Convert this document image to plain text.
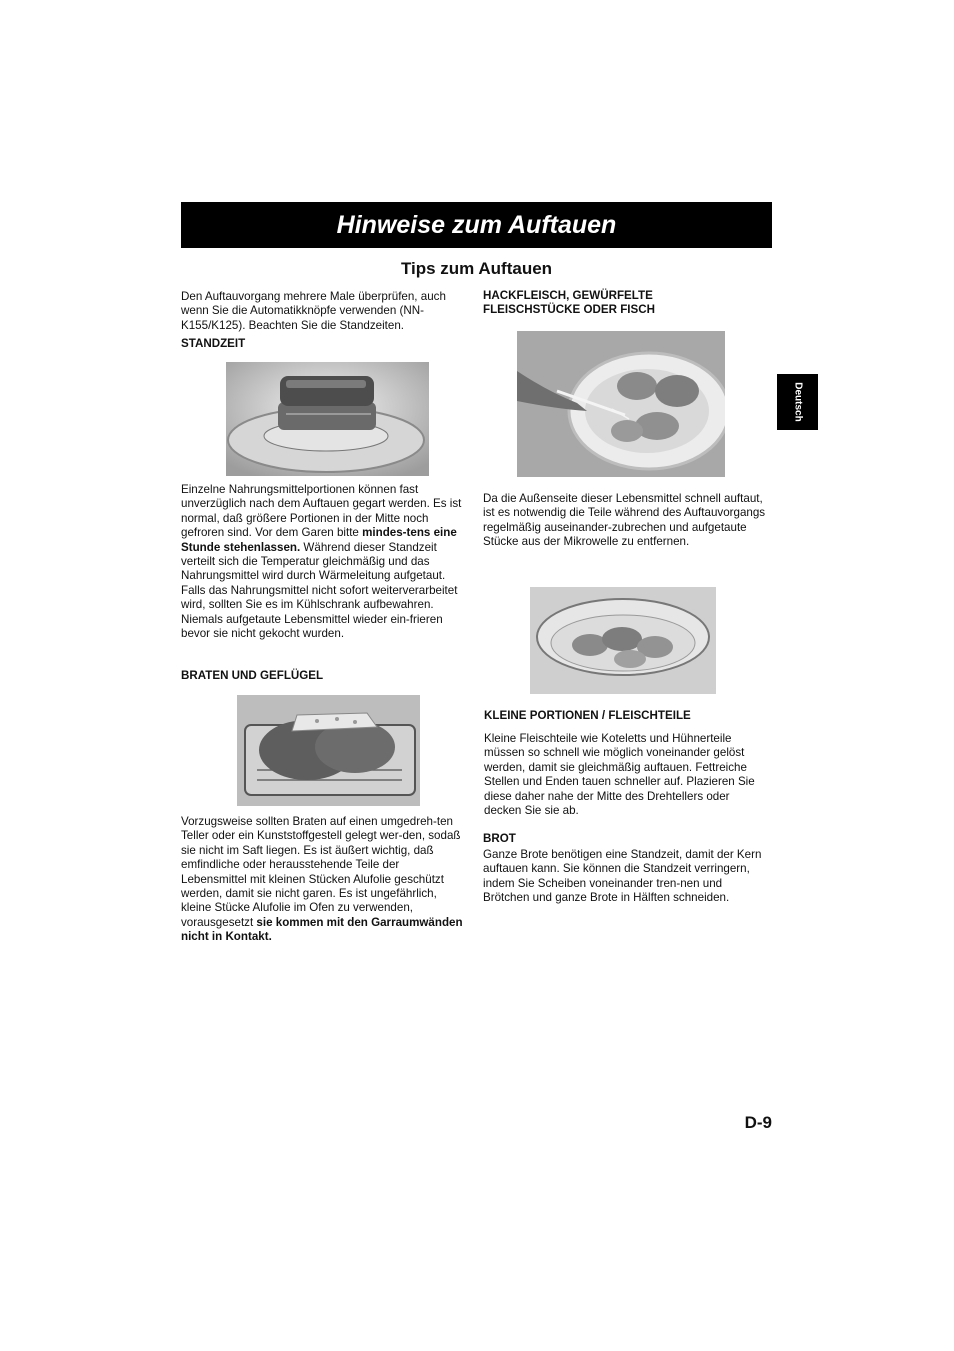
Hinweise zum Auftauen

Tips zum Auftauen

Deutsch

Den Auftauvorgang mehrere Male überprüfen, auch wenn Sie die Automatikknöpfe verwenden (NN-K155/K125). Beachten Sie die Standzeiten.

STANDZEIT

Einzelne Nahrungsmittelportionen können fast unverzüglich nach dem Auftauen gegart werden. Es ist normal, daß größere Portionen in der Mitte noch gefroren sind. Vor dem Garen bitte mindes-tens eine Stunde stehenlassen. Während dieser Standzeit verteilt sich die Temperatur gleichmäßig und das Nahrungsmittel wird durch Wärmeleitung aufgetaut. Falls das Nahrungsmittel nicht sofort weiterverarbeitet wird, sollten Sie es im Kühlschrank aufbewahren. Niemals aufgetaute Lebensmittel wieder ein-frieren bevor sie nicht gekocht wurden.

BRATEN UND GEFLÜGEL

Vorzugsweise sollten Braten auf einen umgedreh-ten Teller oder ein Kunststoffgestell gelegt wer-den, sodaß sie nicht im Saft liegen. Es ist äußert wichtig, daß emfindliche oder herausstehende Teile der Lebensmittel mit kleinen Stücken Alufolie geschützt werden, damit sie nicht garen. Es ist ungefährlich, kleine Stücke Alufolie im Ofen zu verwenden, vorausgesetzt sie kommen mit den Garraumwänden nicht in Kontakt.

HACKFLEISCH, GEWÜRFELTE
FLEISCHSTÜCKE ODER FISCH

Da die Außenseite dieser Lebensmittel schnell auftaut, ist es notwendig die Teile während des Auftauvorgangs regelmäßig auseinander-zubrechen und aufgetaute Stücke aus der Mikrowelle zu entfernen.

KLEINE PORTIONEN / FLEISCHTEILE

Kleine Fleischteile wie Koteletts und Hühnerteile müssen so schnell wie möglich voneinander gelöst werden, damit sie gleichmäßig auftauen. Fettreiche Stellen und Enden tauen schneller auf. Plazieren Sie diese daher nahe der Mitte des Drehtellers oder decken Sie sie ab.

BROT

Ganze Brote benötigen eine Standzeit, damit der Kern auftauen kann. Sie können die Standzeit verringern, indem Sie Scheiben voneinander tren-nen und Brötchen und ganze Brote in Hälften schneiden.

D-9
